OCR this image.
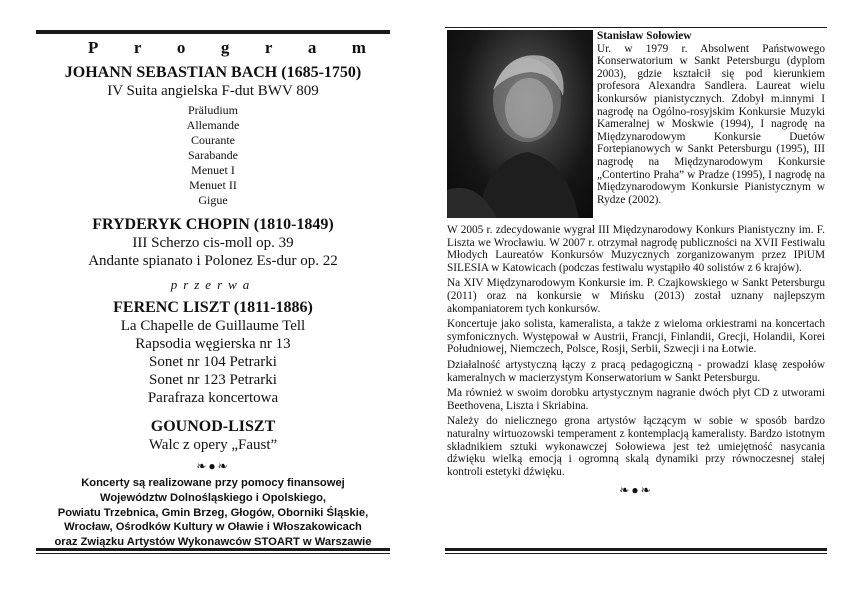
P r o g r a m
JOHANN SEBASTIAN BACH (1685-1750)
IV Suita angielska F-dut BWV 809
Präludium
Allemande
Courante
Sarabande
Menuet I
Menuet II
Gigue
FRYDERYK CHOPIN (1810-1849)
III Scherzo cis-moll op. 39
Andante spianato i Polonez Es-dur op. 22
przerwa
FERENC LISZT (1811-1886)
La Chapelle de Guillaume Tell
Rapsodia węgierska nr 13
Sonet nr 104 Petrarki
Sonet nr 123 Petrarki
Parafraza koncertowa
GOUNOD-LISZT
Walc z opery „Faust”
❧●❧
Koncerty są realizowane przy pomocy finansowej
Województw Dolnośląskiego i Opolskiego,
Powiatu Trzebnica, Gmin Brzeg, Głogów, Oborniki Śląskie,
Wrocław, Ośrodków Kultury w Oławie i Włoszakowicach
oraz Związku Artystów Wykonawców STOART w Warszawie
Stanisław Sołowiew

Ur. w 1979 r. Absolwent Państwowego Konserwatorium w Sankt Petersburgu (dyplom 2003), gdzie kształcił się pod kierunkiem profesora Alexandra Sandlera. Laureat wielu konkursów pianistycznych. Zdobył m.innymi I nagrodę na Ogólno-rosyjskim Konkursie Muzyki Kameralnej w Moskwie (1994), I nagrodę na Międzynarodowym Konkursie Duetów Fortepianowych w Sankt Petersburgu (1995), III nagrodę na Międzynarodowym Konkursie „Contertino Praha” w Pradze (1995), I nagrodę na Międzynarodowym Konkursie Pianistycznym w Rydze (2002).

W 2005 r. zdecydowanie wygrał III Międzynarodowy Konkurs Pianistyczny im. F. Liszta we Wrocławiu. W 2007 r. otrzymał nagrodę publiczności na XVII Festiwalu Młodych Laureatów Konkursów Muzycznych zorganizowanym przez IPiUM SILESIA w Katowicach (podczas festiwalu wystąpiło 40 solistów z 6 krajów).

Na XIV Międzynarodowym Konkursie im. P. Czajkowskiego w Sankt Petersburgu (2011) oraz na konkursie w Mińsku (2013) został uznany najlepszym akompaniatorem tych konkursów.

Koncertuje jako solista, kameralista, a także z wieloma orkiestrami na koncertach symfonicznych. Występował w Austrii, Francji, Finlandii, Grecji, Holandii, Korei Południowej, Niemczech, Polsce, Rosji, Serbii, Szwecji i na Łotwie.

Działalność artystyczną łączy z pracą pedagogiczną - prowadzi klasę zespołów kameralnych w macierzystym Konserwatorium w Sankt Petersburgu.

Ma również w swoim dorobku artystycznym nagranie dwóch płyt CD z utworami Beethovena, Liszta i Skriabina.

Należy do nielicznego grona artystów łączącym w sobie w sposób bardzo naturalny wirtuozowski temperament z kontemplacją kameralisty. Bardzo istotnym składnikiem sztuki wykonawczej Sołowiewa jest też umiejętność nasycania dźwięku wielką emocją i ogromną skalą dynamiki przy równoczesnej stałej kontroli estetyki dźwięku.

❧●❧
